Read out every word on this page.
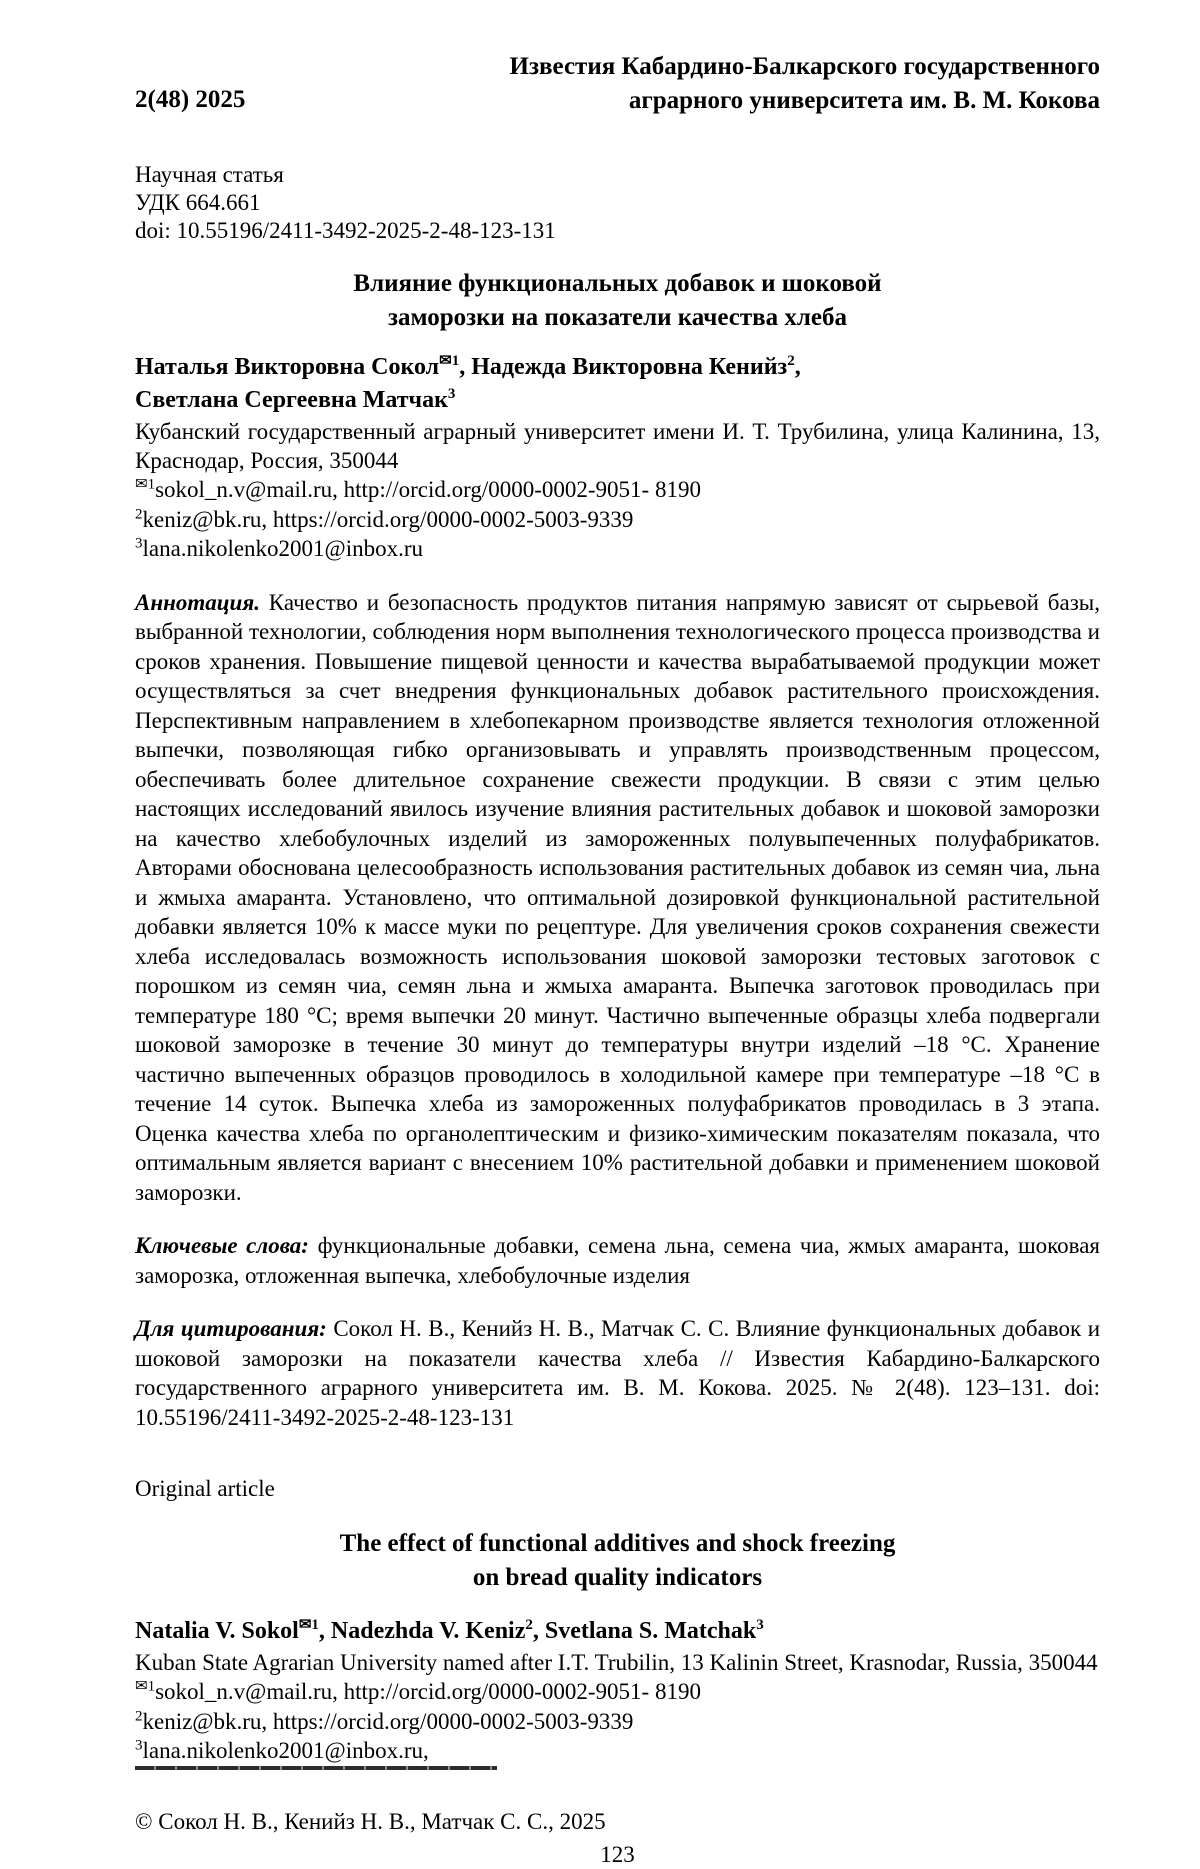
2(48) 2025
Известия Кабардино-Балкарского государственного
аграрного университета им. В. М. Кокова
Научная статья
УДК 664.661
doi: 10.55196/2411-3492-2025-2-48-123-131
Влияние функциональных добавок и шоковой
заморозки на показатели качества хлеба
Наталья Викторовна Сокол$^{✉1}$, Надежда Викторовна Кенийз$^2$,
Светлана Сергеевна Матчак$^3$
Кубанский государственный аграрный университет имени И. Т. Трубилина, улица Калинина, 13, Краснодар, Россия, 350044
$^{✉1}$sokol_n.v@mail.ru, http://orcid.org/0000-0002-9051- 8190
$^2$keniz@bk.ru, https://orcid.org/0000-0002-5003-9339
$^3$lana.nikolenko2001@inbox.ru
Аннотация. Качество и безопасность продуктов питания напрямую зависят от сырьевой базы, выбранной технологии, соблюдения норм выполнения технологического процесса производства и сроков хранения. Повышение пищевой ценности и качества вырабатываемой продукции может осуществляться за счет внедрения функциональных добавок растительного происхождения. Перспективным направлением в хлебопекарном производстве является технология отложенной выпечки, позволяющая гибко организовывать и управлять производственным процессом, обеспечивать более длительное сохранение свежести продукции. В связи с этим целью настоящих исследований явилось изучение влияния растительных добавок и шоковой заморозки на качество хлебобулочных изделий из замороженных полувыпеченных полуфабрикатов. Авторами обоснована целесообразность использования растительных добавок из семян чиа, льна и жмыха амаранта. Установлено, что оптимальной дозировкой функциональной растительной добавки является 10% к массе муки по рецептуре. Для увеличения сроков сохранения свежести хлеба исследовалась возможность использования шоковой заморозки тестовых заготовок с порошком из семян чиа, семян льна и жмыха амаранта. Выпечка заготовок проводилась при температуре 180 °С; время выпечки 20 минут. Частично выпеченные образцы хлеба подвергали шоковой заморозке в течение 30 минут до температуры внутри изделий –18 °С. Хранение частично выпеченных образцов проводилось в холодильной камере при температуре –18 °С в течение 14 суток. Выпечка хлеба из замороженных полуфабрикатов проводилась в 3 этапа. Оценка качества хлеба по органолептическим и физико-химическим показателям показала, что оптимальным является вариант с внесением 10% растительной добавки и применением шоковой заморозки.
Ключевые слова: функциональные добавки, семена льна, семена чиа, жмых амаранта, шоковая заморозка, отложенная выпечка, хлебобулочные изделия
Для цитирования: Сокол Н. В., Кенийз Н. В., Матчак С. С. Влияние функциональных добавок и шоковой заморозки на показатели качества хлеба // Известия Кабардино-Балкарского государственного аграрного университета им. В. М. Кокова. 2025. № 2(48). 123–131. doi: 10.55196/2411-3492-2025-2-48-123-131
Original article
The effect of functional additives and shock freezing
on bread quality indicators
Natalia V. Sokol$^{✉1}$, Nadezhda V. Keniz$^2$, Svetlana S. Matchak$^3$
Kuban State Agrarian University named after I.T. Trubilin, 13 Kalinin Street, Krasnodar, Russia, 350044
$^{✉1}$sokol_n.v@mail.ru, http://orcid.org/0000-0002-9051- 8190
$^2$keniz@bk.ru, https://orcid.org/0000-0002-5003-9339
$^3$lana.nikolenko2001@inbox.ru,
© Сокол Н. В., Кенийз Н. В., Матчак С. С., 2025
123
